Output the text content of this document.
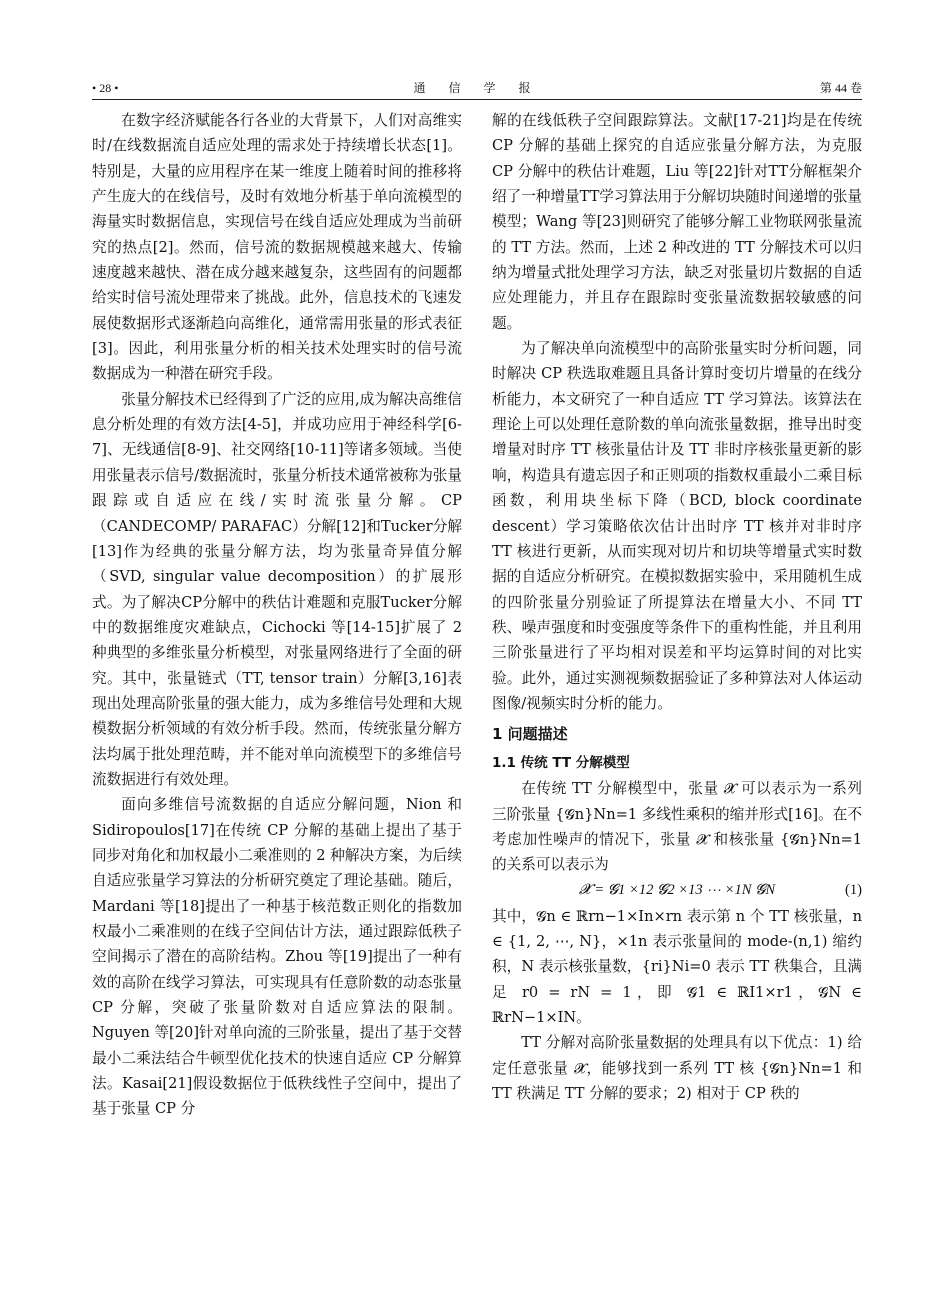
• 28 •	通 信 学 报	第 44 卷

在数字经济赋能各行各业的大背景下，人们对高维实时/在线数据流自适应处理的需求处于持续增长状态[1]。特别是，大量的应用程序在某一维度上随着时间的推移将产生庞大的在线信号，及时有效地分析基于单向流模型的海量实时数据信息，实现信号在线自适应处理成为当前研究的热点[2]。然而，信号流的数据规模越来越大、传输速度越来越快、潜在成分越来越复杂，这些固有的问题都给实时信号流处理带来了挑战。此外，信息技术的飞速发展使数据形式逐渐趋向高维化，通常需用张量的形式表征[3]。因此，利用张量分析的相关技术处理实时的信号流数据成为一种潜在研究手段。

张量分解技术已经得到了广泛的应用,成为解决高维信息分析处理的有效方法[4-5]，并成功应用于神经科学[6-7]、无线通信[8-9]、社交网络[10-11]等诸多领域。当使用张量表示信号/数据流时，张量分析技术通常被称为张量跟踪或自适应在线/实时流张量分解。CP（CANDECOMP/ PARAFAC）分解[12]和Tucker分解[13]作为经典的张量分解方法，均为张量奇异值分解（SVD, singular value decomposition）的扩展形式。为了解决CP分解中的秩估计难题和克服Tucker分解中的数据维度灾难缺点，Cichocki 等[14-15]扩展了 2 种典型的多维张量分析模型，对张量网络进行了全面的研究。其中，张量链式（TT, tensor train）分解[3,16]表现出处理高阶张量的强大能力，成为多维信号处理和大规模数据分析领域的有效分析手段。然而，传统张量分解方法均属于批处理范畴，并不能对单向流模型下的多维信号流数据进行有效处理。

面向多维信号流数据的自适应分解问题，Nion 和 Sidiropoulos[17]在传统 CP 分解的基础上提出了基于同步对角化和加权最小二乘准则的 2 种解决方案，为后续自适应张量学习算法的分析研究奠定了理论基础。随后，Mardani 等[18]提出了一种基于核范数正则化的指数加权最小二乘准则的在线子空间估计方法，通过跟踪低秩子空间揭示了潜在的高阶结构。Zhou 等[19]提出了一种有效的高阶在线学习算法，可实现具有任意阶数的动态张量 CP 分解，突破了张量阶数对自适应算法的限制。Nguyen 等[20]针对单向流的三阶张量，提出了基于交替最小二乘法结合牛顿型优化技术的快速自适应 CP 分解算法。Kasai[21]假设数据位于低秩线性子空间中，提出了基于张量 CP 分

解的在线低秩子空间跟踪算法。文献[17-21]均是在传统 CP 分解的基础上探究的自适应张量分解方法，为克服 CP 分解中的秩估计难题，Liu 等[22]针对TT分解框架介绍了一种增量TT学习算法用于分解切块随时间递增的张量模型；Wang 等[23]则研究了能够分解工业物联网张量流的 TT 方法。然而，上述 2 种改进的 TT 分解技术可以归纳为增量式批处理学习方法，缺乏对张量切片数据的自适应处理能力，并且存在跟踪时变张量流数据较敏感的问题。

为了解决单向流模型中的高阶张量实时分析问题，同时解决 CP 秩选取难题且具备计算时变切片增量的在线分析能力，本文研究了一种自适应 TT 学习算法。该算法在理论上可以处理任意阶数的单向流张量数据，推导出时变增量对时序 TT 核张量估计及 TT 非时序核张量更新的影响，构造具有遗忘因子和正则项的指数权重最小二乘目标函数，利用块坐标下降（BCD, block coordinate descent）学习策略依次估计出时序 TT 核并对非时序 TT 核进行更新，从而实现对切片和切块等增量式实时数据的自适应分析研究。在模拟数据实验中，采用随机生成的四阶张量分别验证了所提算法在增量大小、不同 TT 秩、噪声强度和时变强度等条件下的重构性能，并且利用三阶张量进行了平均相对误差和平均运算时间的对比实验。此外，通过实测视频数据验证了多种算法对人体运动图像/视频实时分析的能力。

1 问题描述
1.1 传统 TT 分解模型

在传统 TT 分解模型中，张量 𝓧 可以表示为一系列三阶张量 {𝓖n}Nn=1 多线性乘积的缩并形式[16]。在不考虑加性噪声的情况下，张量 𝓧 和核张量 {𝓖n}Nn=1 的关系可以表示为

𝓧 = 𝓖1 ×12 𝓖2 ×13 ⋯ ×1N 𝓖N	(1)

其中，𝓖n ∈ ℝrn−1×In×rn 表示第 n 个 TT 核张量，n ∈ {1, 2, ⋯, N}，×1n 表示张量间的 mode-(n,1) 缩约积，N 表示核张量数，{ri}Ni=0 表示 TT 秩集合，且满足 r0 = rN = 1，即 𝓖1 ∈ ℝI1×r1，𝓖N ∈ ℝrN−1×IN。

TT 分解对高阶张量数据的处理具有以下优点：1) 给定任意张量 𝓧，能够找到一系列 TT 核 {𝓖n}Nn=1 和 TT 秩满足 TT 分解的要求；2) 相对于 CP 秩的
